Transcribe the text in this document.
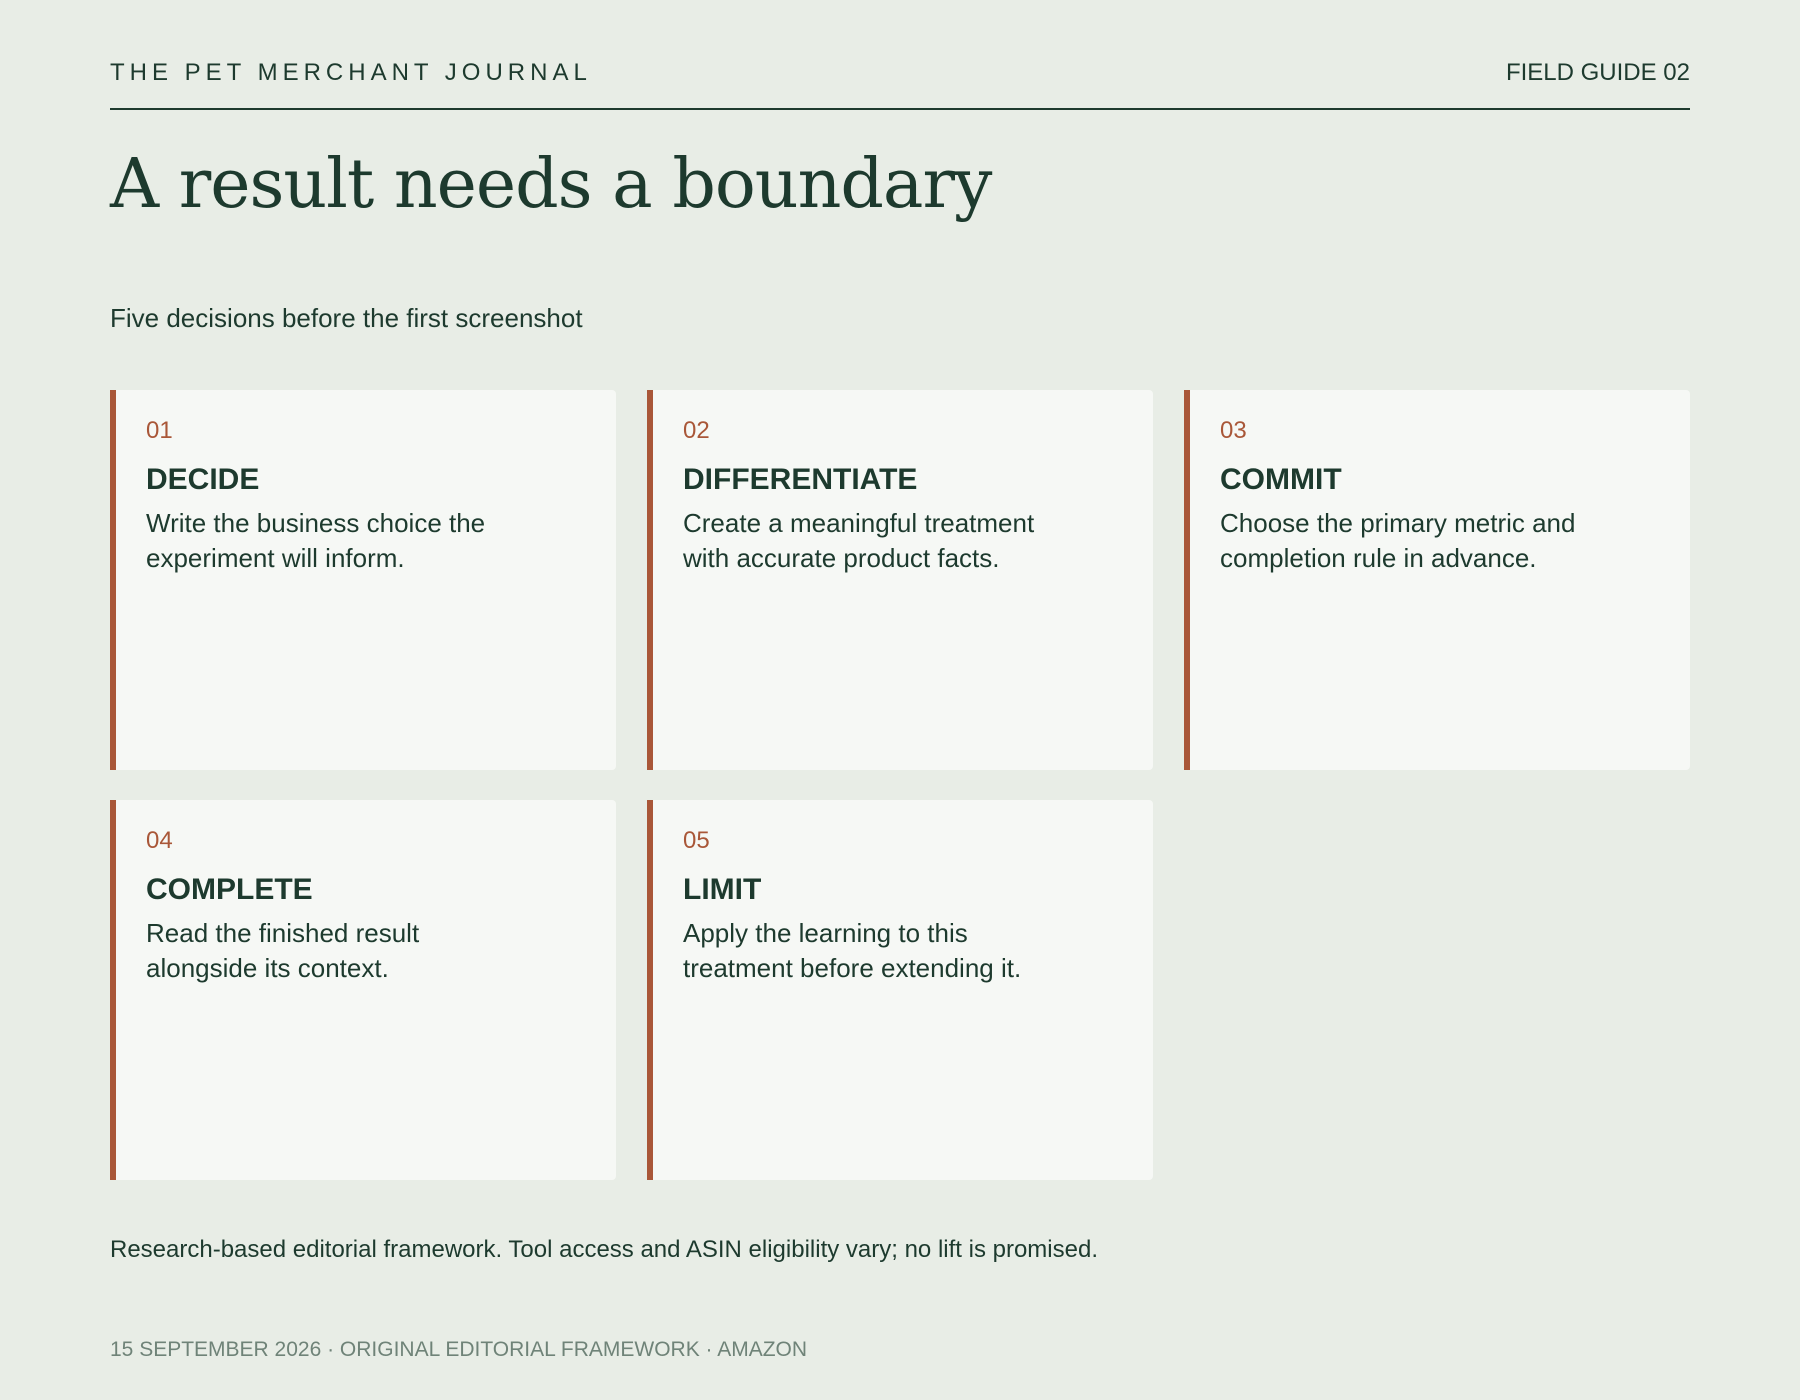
THE PET MERCHANT JOURNAL	FIELD GUIDE 02
A result needs a boundary
Five decisions before the first screenshot
01
DECIDE
Write the business choice the experiment will inform.
02
DIFFERENTIATE
Create a meaningful treatment with accurate product facts.
03
COMMIT
Choose the primary metric and completion rule in advance.
04
COMPLETE
Read the finished result alongside its context.
05
LIMIT
Apply the learning to this treatment before extending it.
Research-based editorial framework. Tool access and ASIN eligibility vary; no lift is promised.
15 SEPTEMBER 2026 · ORIGINAL EDITORIAL FRAMEWORK · AMAZON
